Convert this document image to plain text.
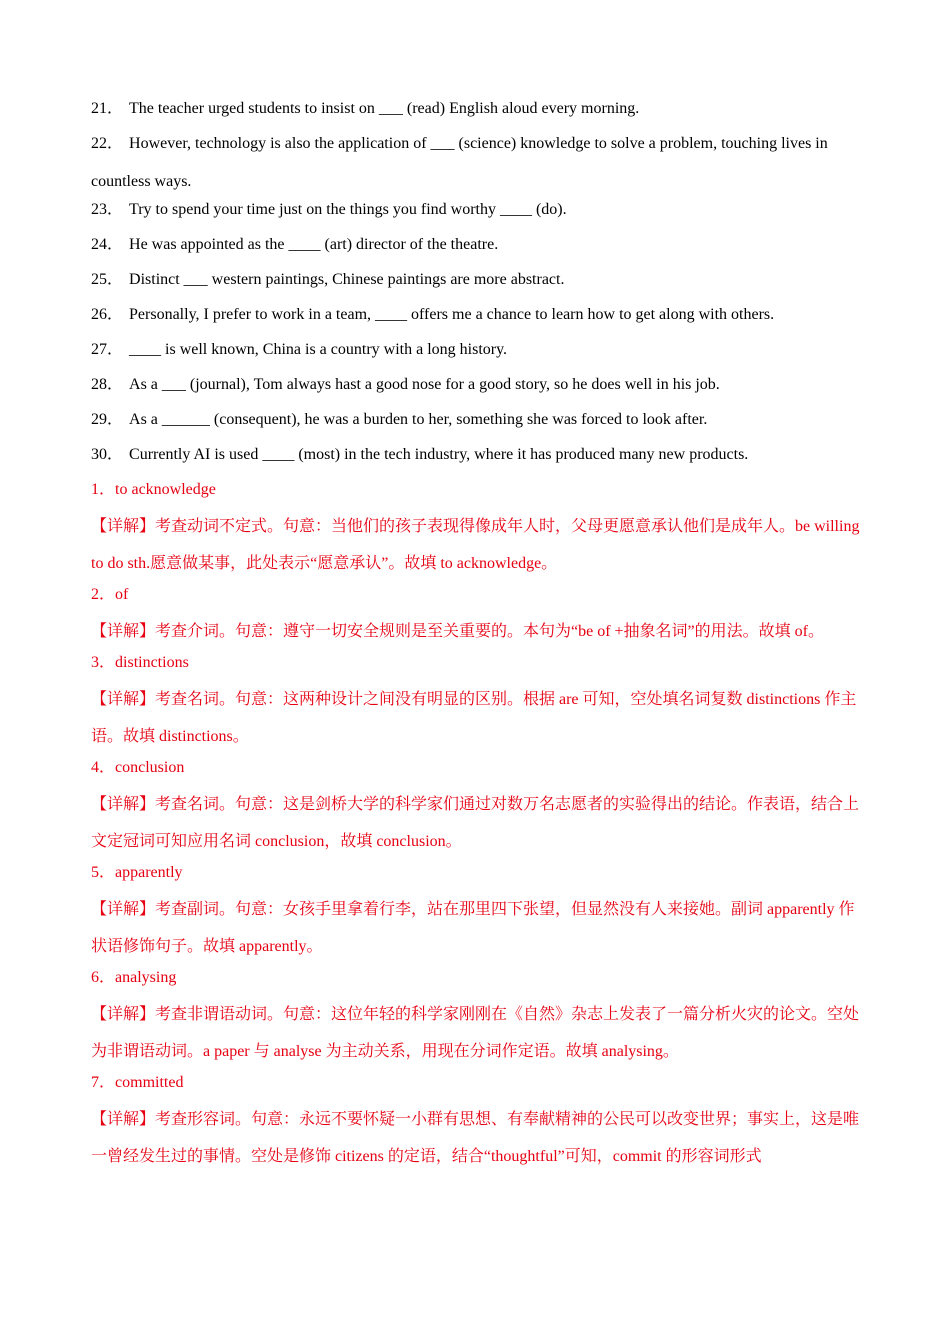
21． The teacher urged students to insist on ___ (read) English aloud every morning.
22． However, technology is also the application of ___ (science) knowledge to solve a problem, touching lives in countless ways.
23． Try to spend your time just on the things you find worthy ____ (do).
24． He was appointed as the ____ (art) director of the theatre.
25． Distinct ___ western paintings, Chinese paintings are more abstract.
26． Personally, I prefer to work in a team, ____ offers me a chance to learn how to get along with others.
27． ____ is well known, China is a country with a long history.
28． As a ___ (journal), Tom always hast a good nose for a good story, so he does well in his job.
29． As a ______ (consequent), he was a burden to her, something she was forced to look after.
30． Currently AI is used ____ (most) in the tech industry, where it has produced many new products.
1．to acknowledge
【详解】考查动词不定式。句意：当他们的孩子表现得像成年人时，父母更愿意承认他们是成年人。be willing to do sth.愿意做某事，此处表示“愿意承认”。故填 to acknowledge。
2．of
【详解】考查介词。句意：遵守一切安全规则是至关重要的。本句为“be of +抽象名词”的用法。故填 of。
3．distinctions
【详解】考查名词。句意：这两种设计之间没有明显的区别。根据 are 可知，空处填名词复数 distinctions 作主语。故填 distinctions。
4．conclusion
【详解】考查名词。句意：这是剑桥大学的科学家们通过对数万名志愿者的实验得出的结论。作表语，结合上文定冠词可知应用名词 conclusion，故填 conclusion。
5．apparently
【详解】考查副词。句意：女孩手里拿着行李，站在那里四下张望，但显然没有人来接她。副词 apparently 作状语修饰句子。故填 apparently。
6．analysing
【详解】考查非谓语动词。句意：这位年轻的科学家刚刚在《自然》杂志上发表了一篇分析火灾的论文。空处为非谓语动词。a paper 与 analyse 为主动关系，用现在分词作定语。故填 analysing。
7．committed
【详解】考查形容词。句意：永远不要怀疑一小群有思想、有奉献精神的公民可以改变世界；事实上，这是唯一曾经发生过的事情。空处是修饰 citizens 的定语，结合“thoughtful”可知，commit 的形容词形式
